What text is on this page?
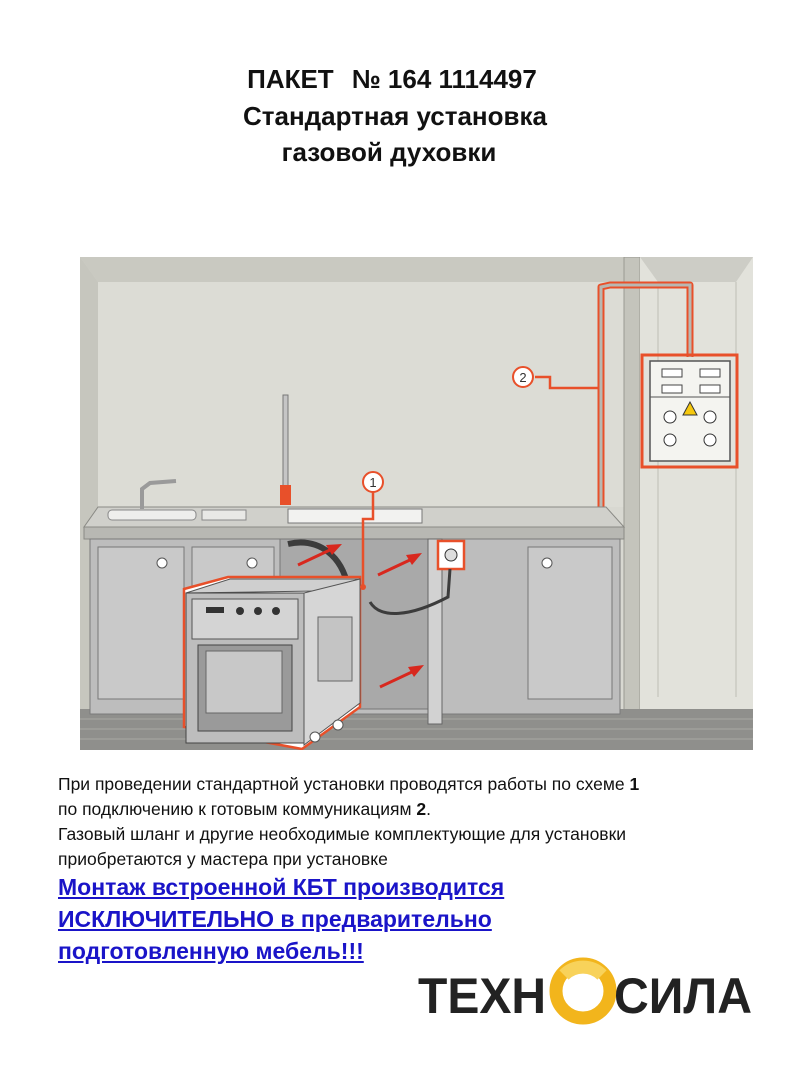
ПАКЕТ № 164 1114497
Стандартная установка
газовой духовки
2
1
При проведении стандартной установки проводятся работы по схеме 1
по подключению к готовым коммуникациям 2.
Газовый шланг и другие необходимые комплектующие для установки
приобретаются у мастера при установке
Монтаж встроенной КБТ производится
ИСКЛЮЧИТЕЛЬНО в предварительно
подготовленную мебель!!!
ТЕХН СИЛА
